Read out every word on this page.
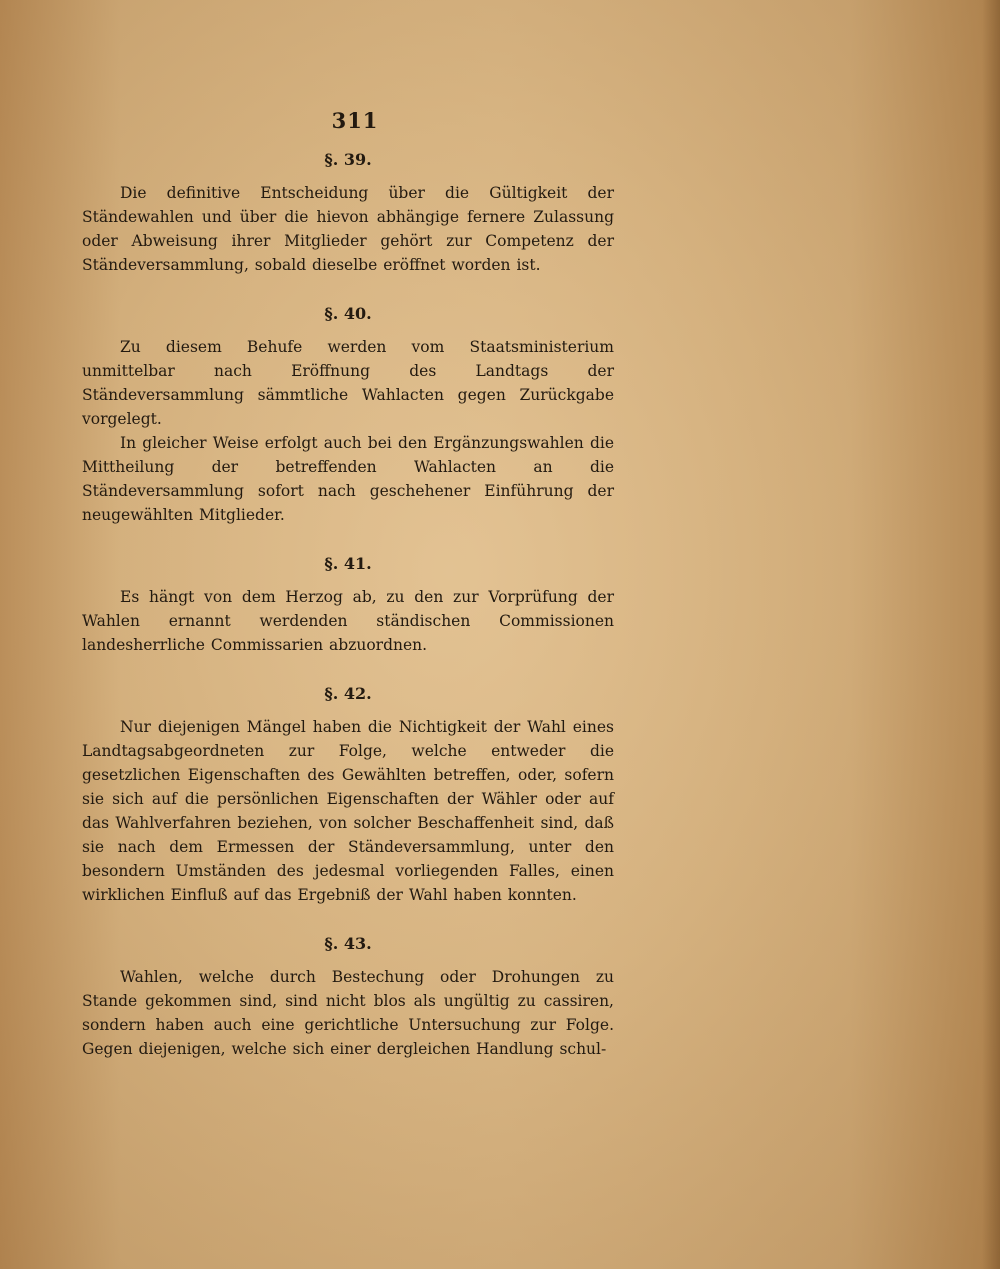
311
§. 39.

Die definitive Entscheidung über die Gültigkeit der Ständewahlen und über die hievon abhängige fernere Zulassung oder Abweisung ihrer Mitglieder gehört zur Competenz der Ständeversammlung, sobald dieselbe eröffnet worden ist.

§. 40.

Zu diesem Behufe werden vom Staatsministerium unmittelbar nach Eröffnung des Landtags der Ständeversammlung sämmtliche Wahlacten gegen Zurückgabe vorgelegt.

In gleicher Weise erfolgt auch bei den Ergänzungswahlen die Mittheilung der betreffenden Wahlacten an die Ständeversammlung sofort nach geschehener Einführung der neugewählten Mitglieder.

§. 41.

Es hängt von dem Herzog ab, zu den zur Vorprüfung der Wahlen ernannt werdenden ständischen Commissionen landesherrliche Commissarien abzuordnen.

§. 42.

Nur diejenigen Mängel haben die Nichtigkeit der Wahl eines Landtagsabgeordneten zur Folge, welche entweder die gesetzlichen Eigenschaften des Gewählten betreffen, oder, sofern sie sich auf die persönlichen Eigenschaften der Wähler oder auf das Wahlverfahren beziehen, von solcher Beschaffenheit sind, daß sie nach dem Ermessen der Ständeversammlung, unter den besondern Umständen des jedesmal vorliegenden Falles, einen wirklichen Einfluß auf das Ergebniß der Wahl haben konnten.

§. 43.

Wahlen, welche durch Bestechung oder Drohungen zu Stande gekommen sind, sind nicht blos als ungültig zu cassiren, sondern haben auch eine gerichtliche Untersuchung zur Folge. Gegen diejenigen, welche sich einer dergleichen Handlung schul-
